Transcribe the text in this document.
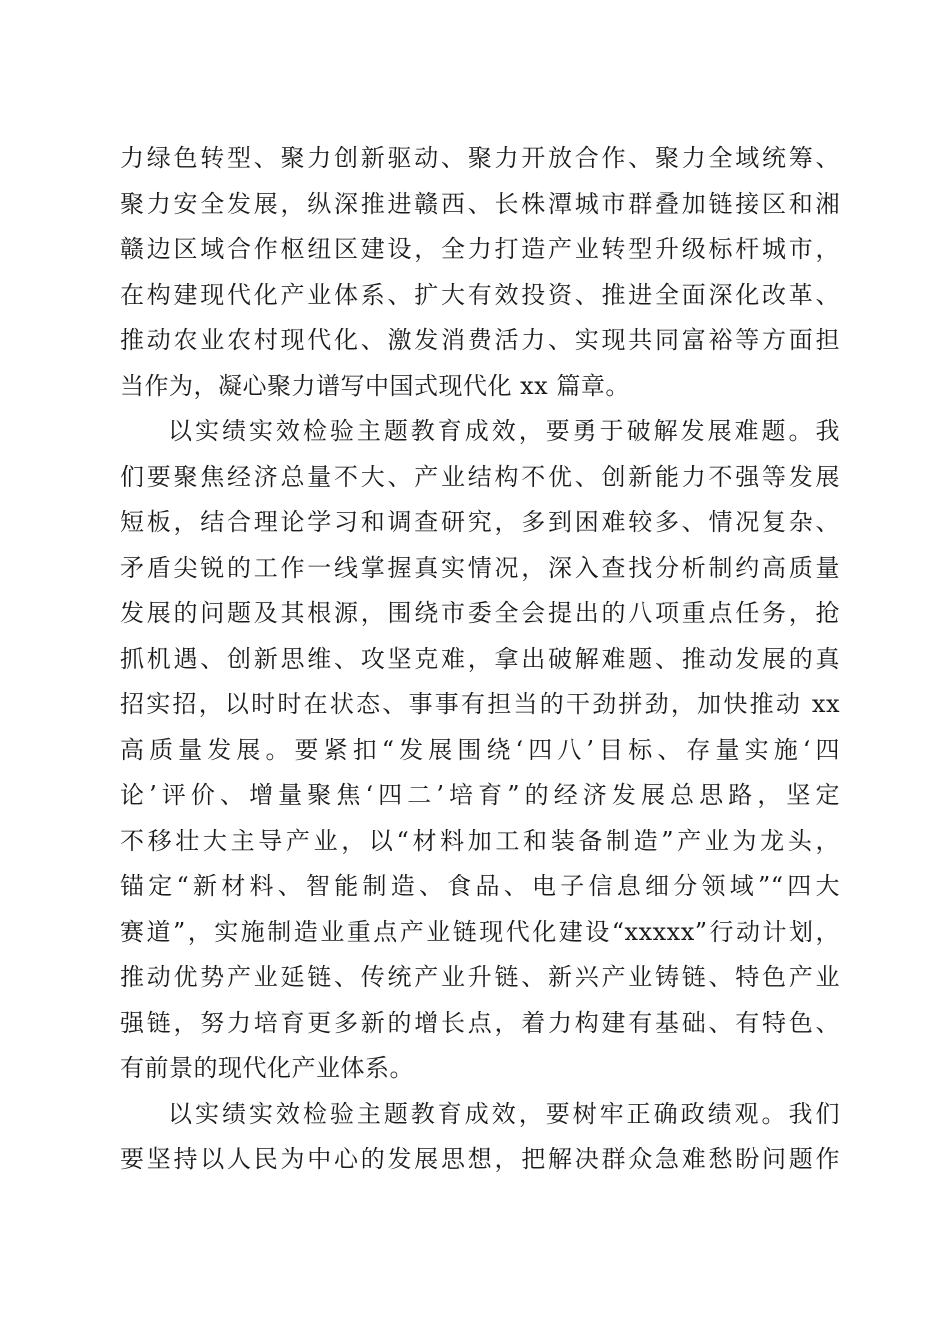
力绿色转型、聚力创新驱动、聚力开放合作、聚力全域统筹、
聚力安全发展，纵深推进赣西、长株潭城市群叠加链接区和湘
赣边区域合作枢纽区建设，全力打造产业转型升级标杆城市，
在构建现代化产业体系、扩大有效投资、推进全面深化改革、
推动农业农村现代化、激发消费活力、实现共同富裕等方面担
当作为，凝心聚力谱写中国式现代化 xx 篇章。
以实绩实效检验主题教育成效，要勇于破解发展难题。我
们要聚焦经济总量不大、产业结构不优、创新能力不强等发展
短板，结合理论学习和调查研究，多到困难较多、情况复杂、
矛盾尖锐的工作一线掌握真实情况，深入查找分析制约高质量
发展的问题及其根源，围绕市委全会提出的八项重点任务，抢
抓机遇、创新思维、攻坚克难，拿出破解难题、推动发展的真
招实招，以时时在状态、事事有担当的干劲拼劲，加快推动 xx
高质量发展。要紧扣“发展围绕‘四八’目标、存量实施‘四
论’评价、增量聚焦‘四二’培育”的经济发展总思路，坚定
不移壮大主导产业，以“材料加工和装备制造”产业为龙头，
锚定“新材料、智能制造、食品、电子信息细分领域”“四大
赛道”，实施制造业重点产业链现代化建设“xxxxx”行动计划，
推动优势产业延链、传统产业升链、新兴产业铸链、特色产业
强链，努力培育更多新的增长点，着力构建有基础、有特色、
有前景的现代化产业体系。
以实绩实效检验主题教育成效，要树牢正确政绩观。我们
要坚持以人民为中心的发展思想，把解决群众急难愁盼问题作
